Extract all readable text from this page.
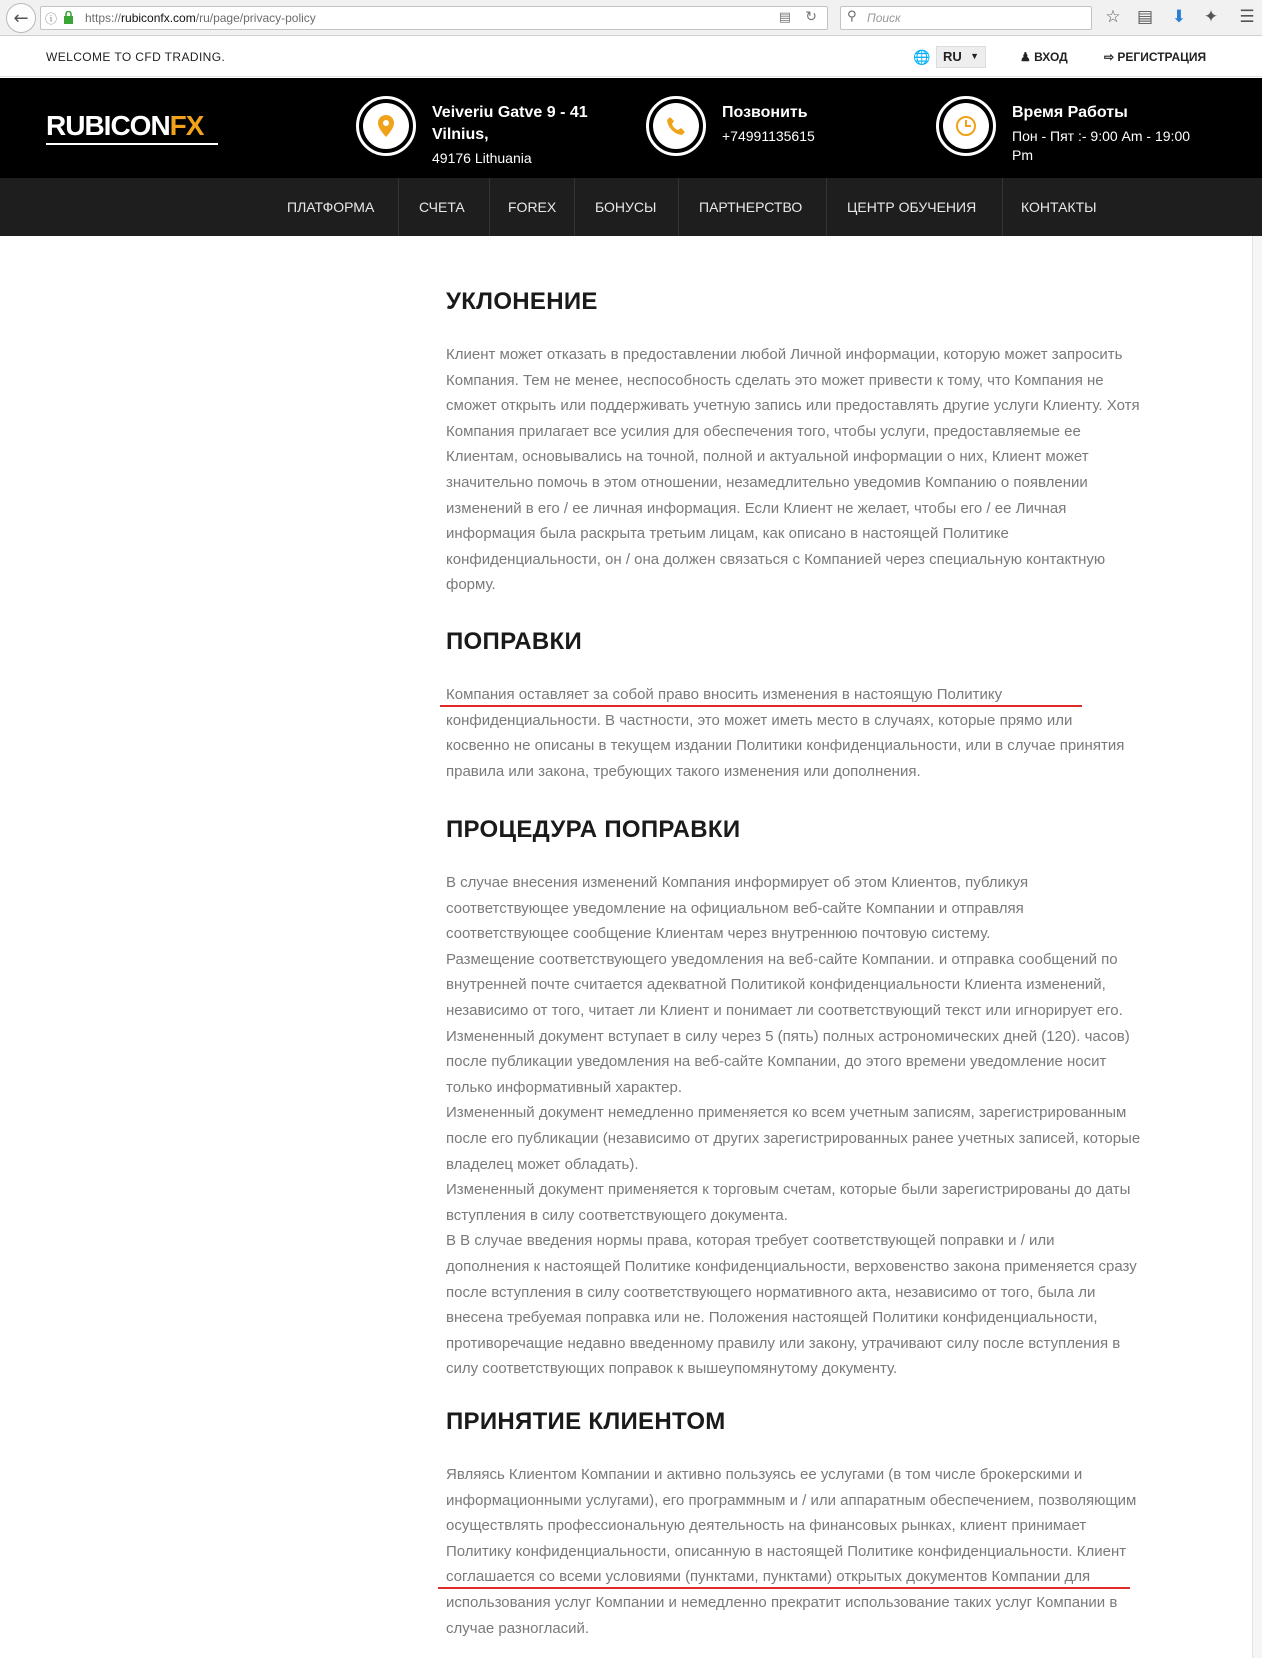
←	ⓘ https://rubiconfx.com/ru/page/privacy-policy	▤ ↻ ⚲ Поиск	☆ ▤ ⬇ ✦ ☰
WELCOME TO CFD TRADING.	🌐 RU ▼	♟ ВХОД	⇨ РЕГИСТРАЦИЯ
RUBICONFX	Veiveriu Gatve 9 - 41
Vilnius,
49176 Lithuania
Позвонить
+74991135615
Время Работы
Пон - Пят :- 9:00 Am - 19:00
Pm
ПЛАТФОРМА	СЧЕТА	FOREX	БОНУСЫ	ПАРТНЕРСТВО	ЦЕНТР ОБУЧЕНИЯ	КОНТАКТЫ
УКЛОНЕНИЕ
Клиент может отказать в предоставлении любой Личной информации, которую может запросить
Компания. Тем не менее, неспособность сделать это может привести к тому, что Компания не
сможет открыть или поддерживать учетную запись или предоставлять другие услуги Клиенту. Хотя
Компания прилагает все усилия для обеспечения того, чтобы услуги, предоставляемые ее
Клиентам, основывались на точной, полной и актуальной информации о них, Клиент может
значительно помочь в этом отношении, незамедлительно уведомив Компанию о появлении
изменений в его / ее личная информация. Если Клиент не желает, чтобы его / ее Личная
информация была раскрыта третьим лицам, как описано в настоящей Политике
конфиденциальности, он / она должен связаться с Компанией через специальную контактную
форму.
ПОПРАВКИ
Компания оставляет за собой право вносить изменения в настоящую Политику
конфиденциальности. В частности, это может иметь место в случаях, которые прямо или
косвенно не описаны в текущем издании Политики конфиденциальности, или в случае принятия
правила или закона, требующих такого изменения или дополнения.
ПРОЦЕДУРА ПОПРАВКИ
В случае внесения изменений Компания информирует об этом Клиентов, публикуя
соответствующее уведомление на официальном веб-сайте Компании и отправляя
соответствующее сообщение Клиентам через внутреннюю почтовую систему.
Размещение соответствующего уведомления на веб-сайте Компании. и отправка сообщений по
внутренней почте считается адекватной Политикой конфиденциальности Клиента изменений,
независимо от того, читает ли Клиент и понимает ли соответствующий текст или игнорирует его.
Измененный документ вступает в силу через 5 (пять) полных астрономических дней (120). часов)
после публикации уведомления на веб-сайте Компании, до этого времени уведомление носит
только информативный характер.
Измененный документ немедленно применяется ко всем учетным записям, зарегистрированным
после его публикации (независимо от других зарегистрированных ранее учетных записей, которые
владелец может обладать).
Измененный документ применяется к торговым счетам, которые были зарегистрированы до даты
вступления в силу соответствующего документа.
В В случае введения нормы права, которая требует соответствующей поправки и / или
дополнения к настоящей Политике конфиденциальности, верховенство закона применяется сразу
после вступления в силу соответствующего нормативного акта, независимо от того, была ли
внесена требуемая поправка или не. Положения настоящей Политики конфиденциальности,
противоречащие недавно введенному правилу или закону, утрачивают силу после вступления в
силу соответствующих поправок к вышеупомянутому документу.
ПРИНЯТИЕ КЛИЕНТОМ
Являясь Клиентом Компании и активно пользуясь ее услугами (в том числе брокерскими и
информационными услугами), его программным и / или аппаратным обеспечением, позволяющим
осуществлять профессиональную деятельность на финансовых рынках, клиент принимает
Политику конфиденциальности, описанную в настоящей Политике конфиденциальности. Клиент
соглашается со всеми условиями (пунктами, пунктами) открытых документов Компании для
использования услуг Компании и немедленно прекратит использование таких услуг Компании в
случае разногласий.
